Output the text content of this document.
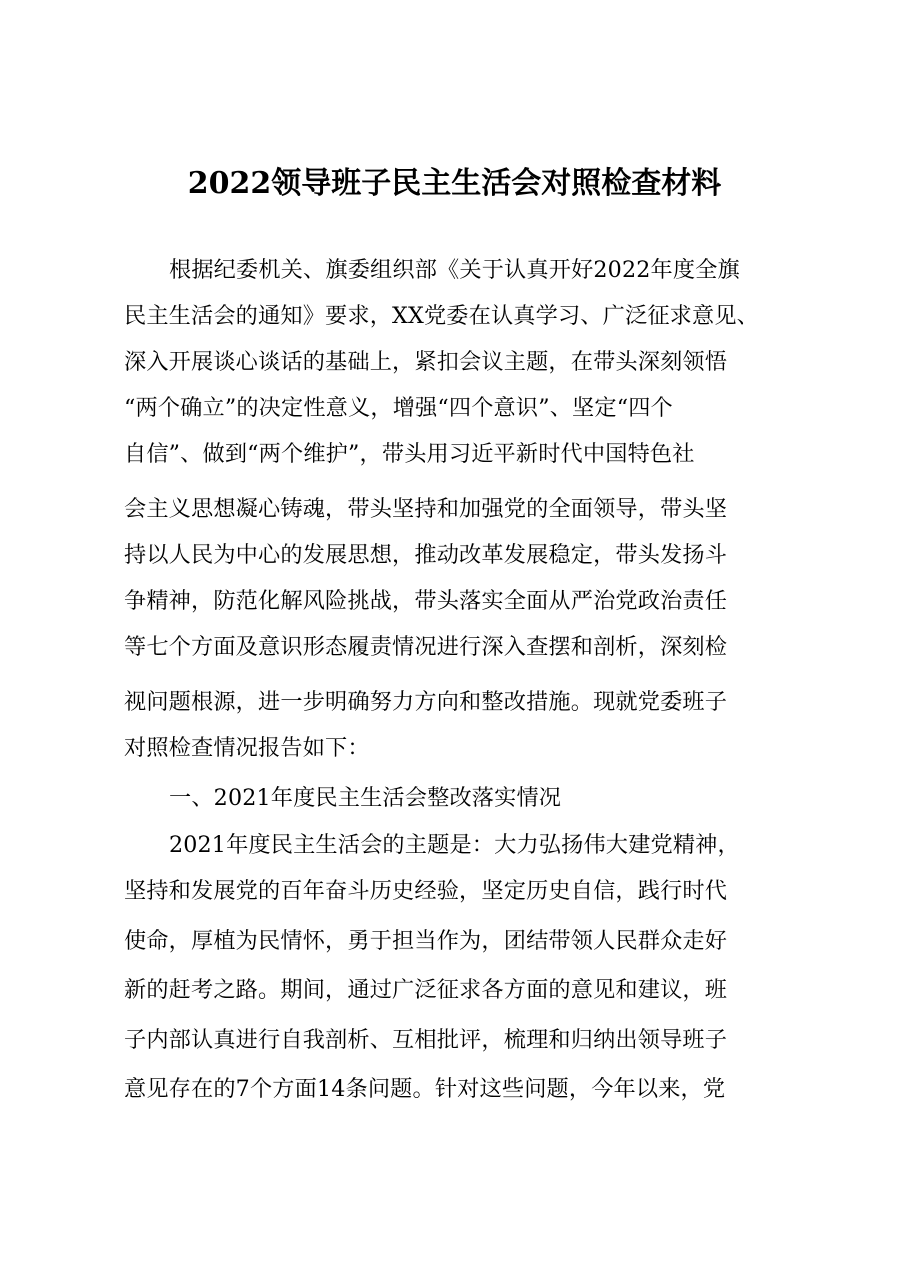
2022领导班子民主生活会对照检查材料
根据纪委机关、旗委组织部《关于认真开好2022年度全旗
民主生活会的通知》要求，XX党委在认真学习、广泛征求意见、
深入开展谈心谈话的基础上，紧扣会议主题，在带头深刻领悟
“两个确立”的决定性意义，增强“四个意识”、坚定“四个
自信”、做到“两个维护”，带头用习近平新时代中国特色社
会主义思想凝心铸魂，带头坚持和加强党的全面领导，带头坚
持以人民为中心的发展思想，推动改革发展稳定，带头发扬斗
争精神，防范化解风险挑战，带头落实全面从严治党政治责任
等七个方面及意识形态履责情况进行深入查摆和剖析，深刻检
视问题根源，进一步明确努力方向和整改措施。现就党委班子
对照检查情况报告如下：
一、2021年度民主生活会整改落实情况
2021年度民主生活会的主题是：大力弘扬伟大建党精神，
坚持和发展党的百年奋斗历史经验，坚定历史自信，践行时代
使命，厚植为民情怀，勇于担当作为，团结带领人民群众走好
新的赶考之路。期间，通过广泛征求各方面的意见和建议，班
子内部认真进行自我剖析、互相批评，梳理和归纳出领导班子
意见存在的7个方面14条问题。针对这些问题，今年以来，党
